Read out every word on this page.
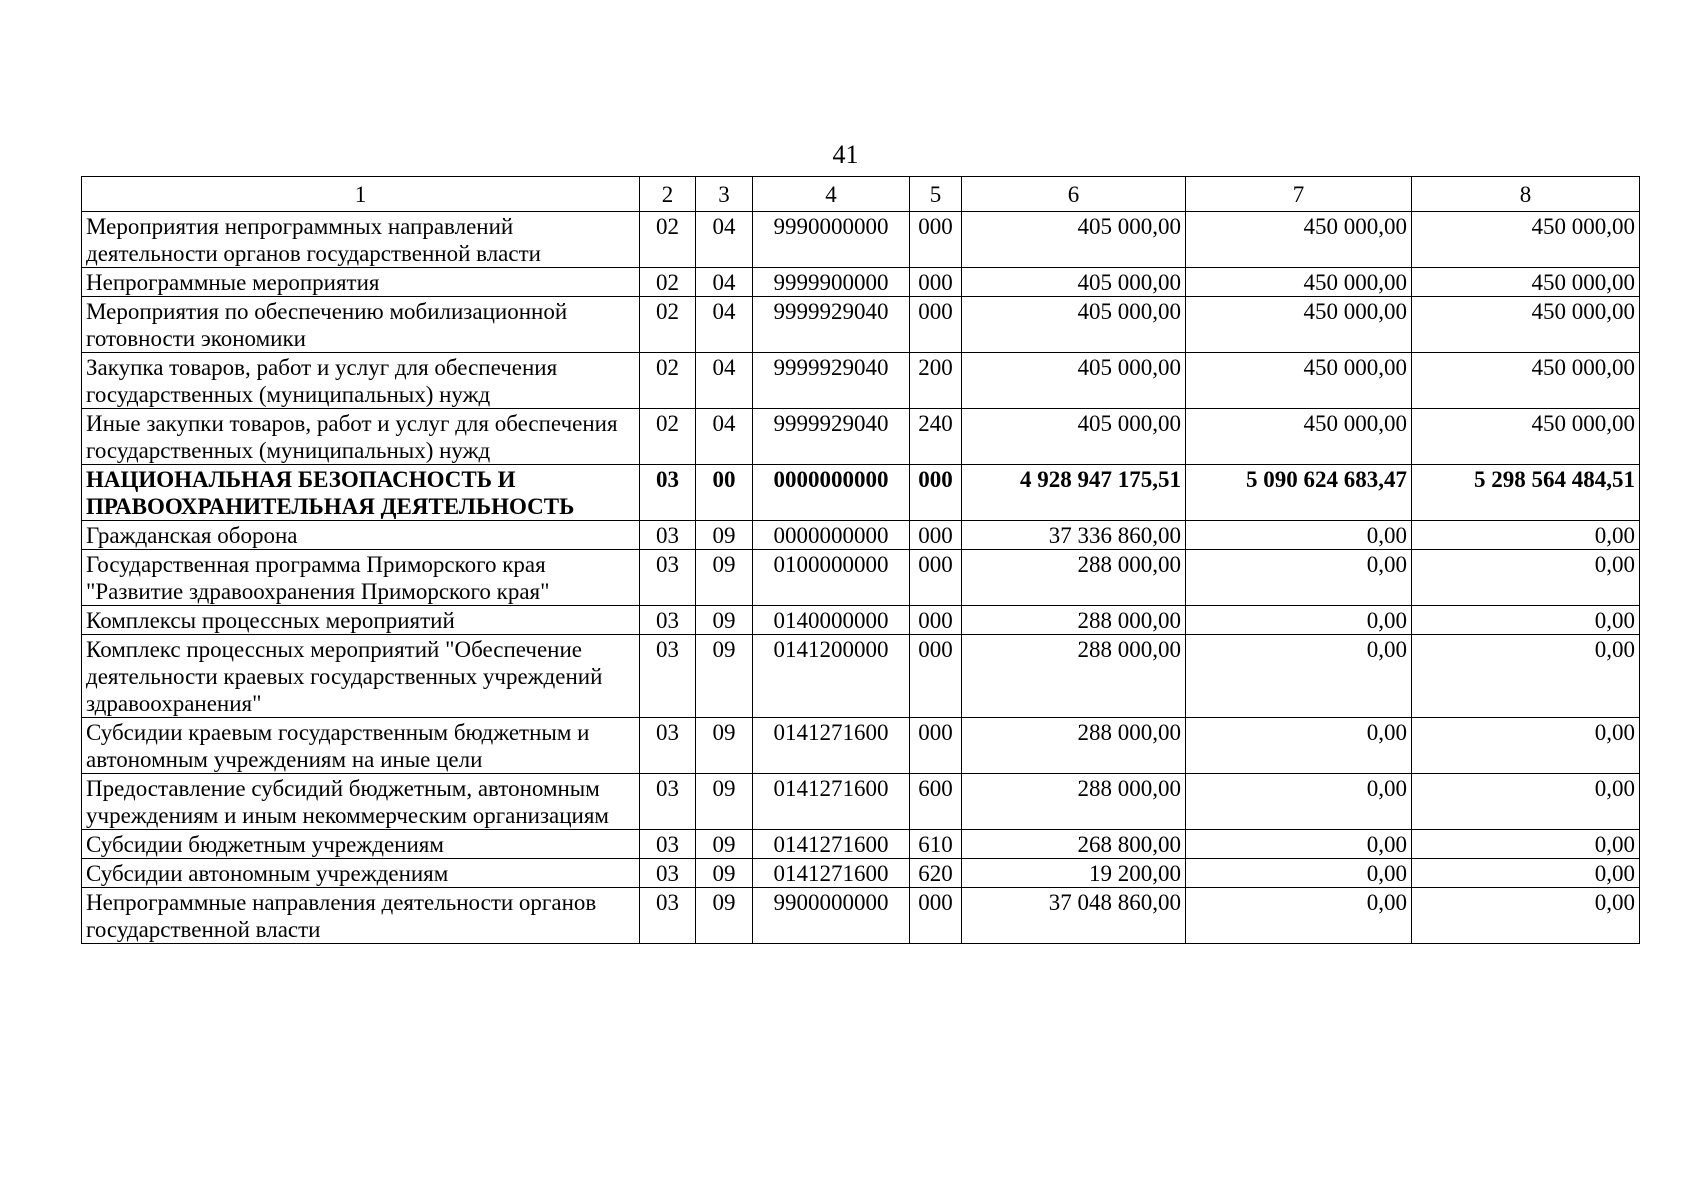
41
1	2	3	4	5	6	7	8
Мероприятия непрограммных направлений деятельности органов государственной власти	02	04	9990000000	000	405 000,00	450 000,00	450 000,00
Непрограммные мероприятия	02	04	9999900000	000	405 000,00	450 000,00	450 000,00
Мероприятия по обеспечению мобилизационной готовности экономики	02	04	9999929040	000	405 000,00	450 000,00	450 000,00
Закупка товаров, работ и услуг для обеспечения государственных (муниципальных) нужд	02	04	9999929040	200	405 000,00	450 000,00	450 000,00
Иные закупки товаров, работ и услуг для обеспечения государственных (муниципальных) нужд	02	04	9999929040	240	405 000,00	450 000,00	450 000,00
НАЦИОНАЛЬНАЯ БЕЗОПАСНОСТЬ И ПРАВООХРАНИТЕЛЬНАЯ ДЕЯТЕЛЬНОСТЬ	03	00	0000000000	000	4 928 947 175,51	5 090 624 683,47	5 298 564 484,51
Гражданская оборона	03	09	0000000000	000	37 336 860,00	0,00	0,00
Государственная программа Приморского края "Развитие здравоохранения Приморского края"	03	09	0100000000	000	288 000,00	0,00	0,00
Комплексы процессных мероприятий	03	09	0140000000	000	288 000,00	0,00	0,00
Комплекс процессных мероприятий "Обеспечение деятельности краевых государственных учреждений здравоохранения"	03	09	0141200000	000	288 000,00	0,00	0,00
Субсидии краевым государственным бюджетным и автономным учреждениям на иные цели	03	09	0141271600	000	288 000,00	0,00	0,00
Предоставление субсидий бюджетным, автономным учреждениям и иным некоммерческим организациям	03	09	0141271600	600	288 000,00	0,00	0,00
Субсидии бюджетным учреждениям	03	09	0141271600	610	268 800,00	0,00	0,00
Субсидии автономным учреждениям	03	09	0141271600	620	19 200,00	0,00	0,00
Непрограммные направления деятельности органов государственной власти	03	09	9900000000	000	37 048 860,00	0,00	0,00
